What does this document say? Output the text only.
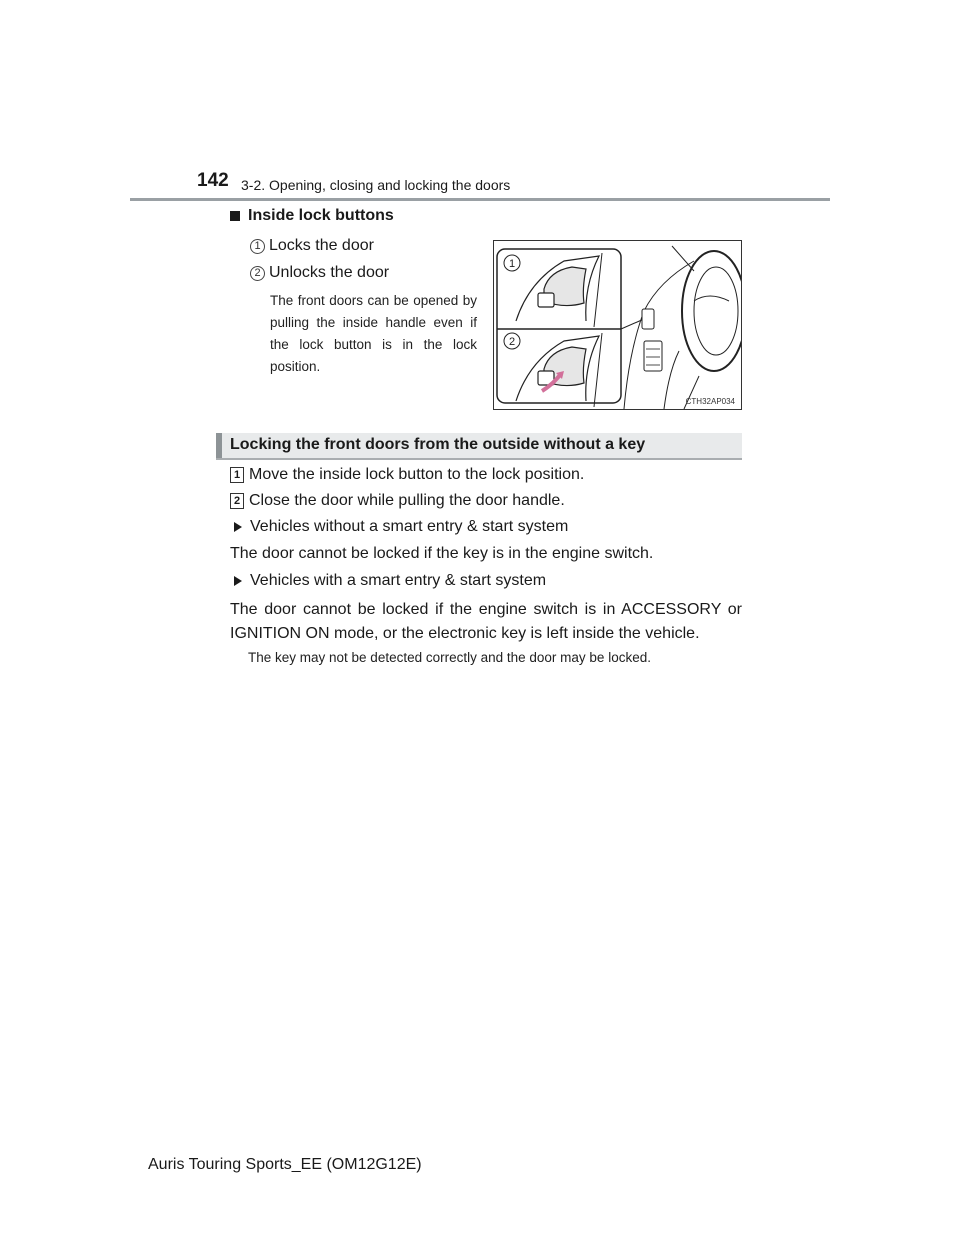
142 3-2. Opening, closing and locking the doors
Inside lock buttons
1 Locks the door
2 Unlocks the door
The front doors can be opened by pulling the inside handle even if the lock button is in the lock position.
1
2
CTH32AP034
Locking the front doors from the outside without a key
1 Move the inside lock button to the lock position.
2 Close the door while pulling the door handle.
Vehicles without a smart entry & start system
The door cannot be locked if the key is in the engine switch.
Vehicles with a smart entry & start system
The door cannot be locked if the engine switch is in ACCESSORY or IGNITION ON mode, or the electronic key is left inside the vehicle.
The key may not be detected correctly and the door may be locked.
Auris Touring Sports_EE (OM12G12E)
